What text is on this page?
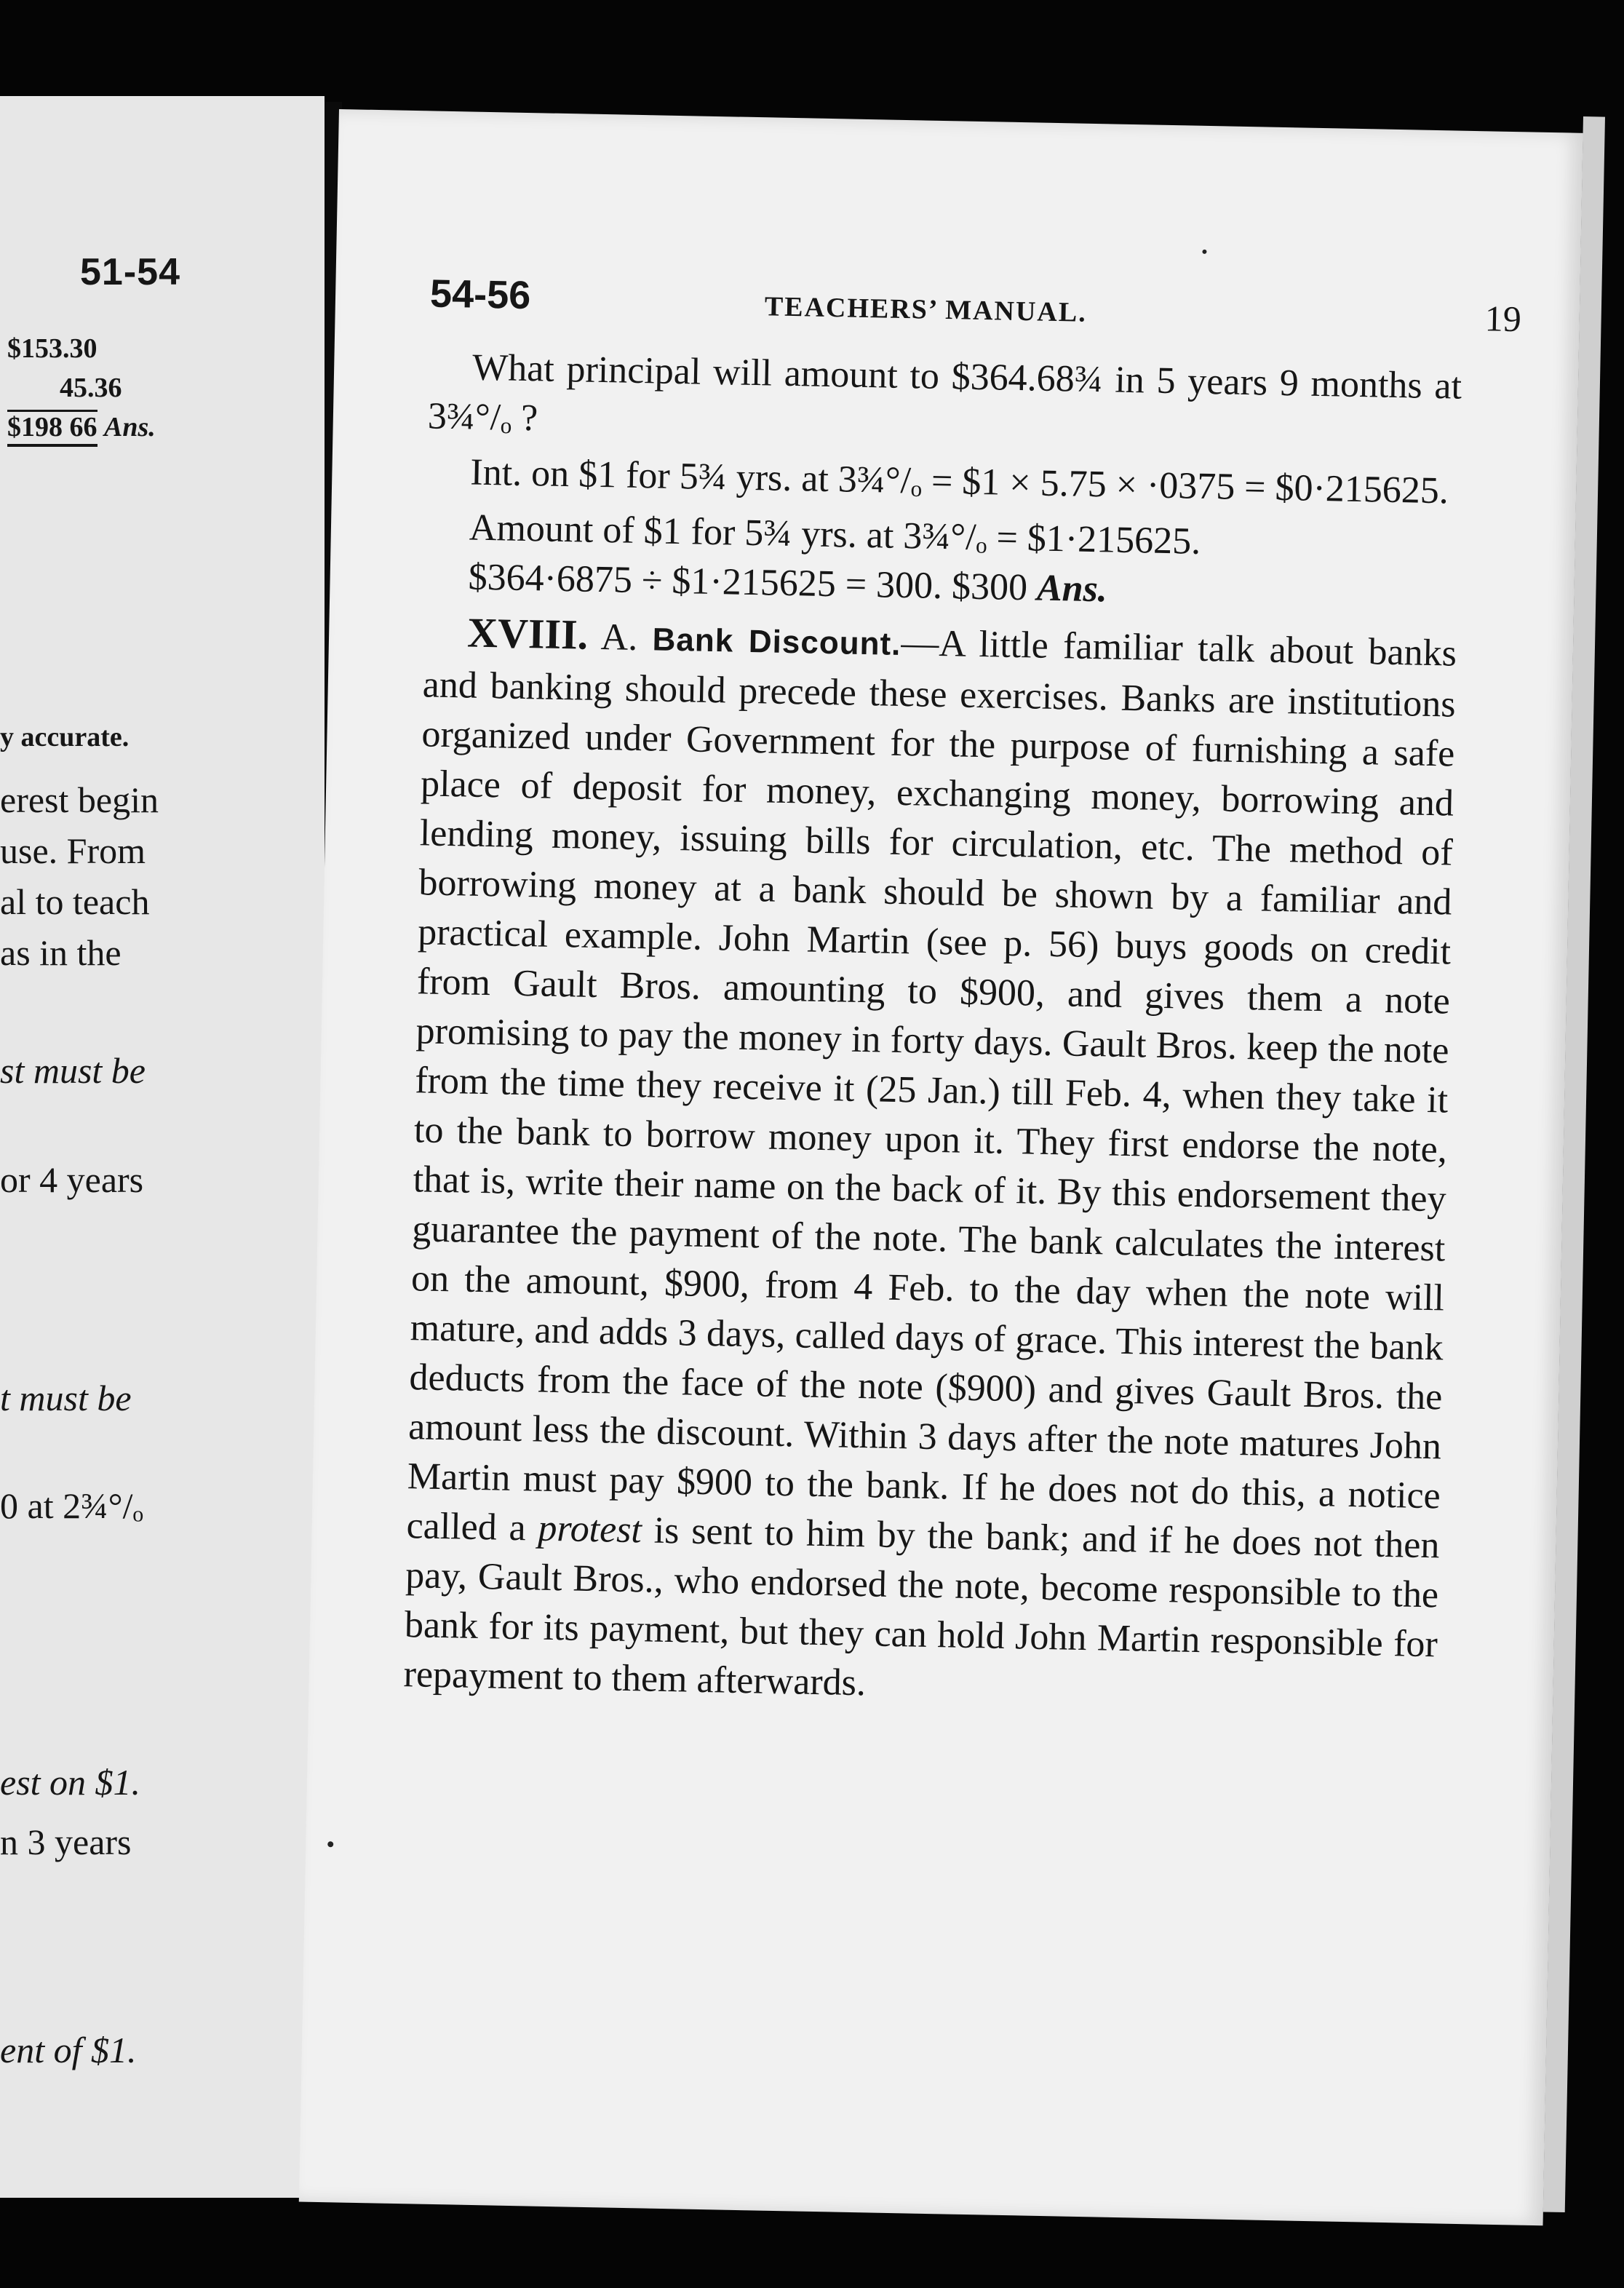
51-54
$153.30
45.36
$198 66 Ans.
y accurate.
erest begin
use. From
al to teach
as in the
st must be
or 4 years
t must be
0 at 2¾°/ₒ
est on $1.
n 3 years
ent of $1.
54-56	TEACHERS’ MANUAL.	19

What principal will amount to $364.68¾ in 5 years 9 months at 3¾°/ₒ ?

Int. on $1 for 5¾ yrs. at 3¾°/ₒ = $1 × 5.75 × ·0375 = $0·215625.

Amount of $1 for 5¾ yrs. at 3¾°/ₒ = $1·215625.

$364·6875 ÷ $1·215625 = 300. $300 Ans.

XVIII. A. Bank Discount.—A little familiar talk about banks and banking should precede these exercises. Banks are institutions organized under Government for the purpose of furnishing a safe place of deposit for money, exchanging money, borrowing and lending money, issuing bills for circulation, etc. The method of borrowing money at a bank should be shown by a familiar and practical example. John Martin (see p. 56) buys goods on credit from Gault Bros. amounting to $900, and gives them a note promising to pay the money in forty days. Gault Bros. keep the note from the time they receive it (25 Jan.) till Feb. 4, when they take it to the bank to borrow money upon it. They first endorse the note, that is, write their name on the back of it. By this endorsement they guarantee the payment of the note. The bank calculates the interest on the amount, $900, from 4 Feb. to the day when the note will mature, and adds 3 days, called days of grace. This interest the bank deducts from the face of the note ($900) and gives Gault Bros. the amount less the discount. Within 3 days after the note matures John Martin must pay $900 to the bank. If he does not do this, a notice called a protest is sent to him by the bank; and if he does not then pay, Gault Bros., who endorsed the note, become responsible to the bank for its payment, but they can hold John Martin responsible for repayment to them afterwards.
